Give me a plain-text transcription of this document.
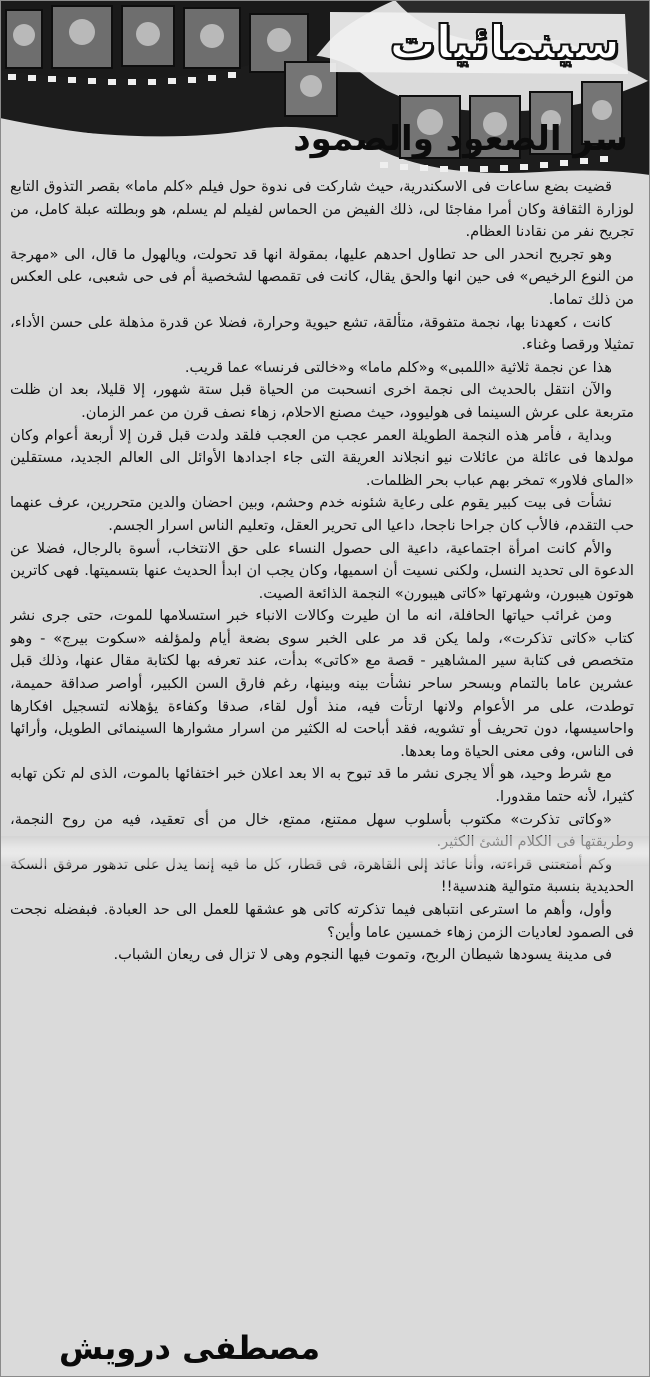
سينمائيات
سر الصعود والصمود

قضيت بضع ساعات فى الاسكندرية، حيث شاركت فى ندوة حول فيلم «كلم ماما» بقصر التذوق التابع لوزارة الثقافة وكان أمرا مفاجئا لى، ذلك الفيض من الحماس لفيلم لم يسلم، هو وبطلته عبلة كامل، من تجريح نفر من نقادنا العظام.

وهو تجريح انحدر الى حد تطاول احدهم عليها، بمقولة انها قد تحولت، ويالهول ما قال، الى «مهرجة من النوع الرخيص» فى حين انها والحق يقال، كانت فى تقمصها لشخصية أم فى حى شعبى، على العكس من ذلك تماما.

كانت ، كعهدنا بها، نجمة متفوقة، متألقة، تشع حيوية وحرارة، فضلا عن قدرة مذهلة على حسن الأداء، تمثيلا ورقصا وغناء.

هذا عن نجمة ثلاثية «اللمبى» و«كلم ماما» و«خالتى فرنسا» عما قريب.

والآن انتقل بالحديث الى نجمة اخرى انسحبت من الحياة قبل ستة شهور، إلا قليلا، بعد ان ظلت متربعة على عرش السينما فى هوليوود، حيث مصنع الاحلام، زهاء نصف قرن من عمر الزمان.

وبداية ، فأمر هذه النجمة الطويلة العمر عجب من العجب فلقد ولدت قبل قرن إلا أربعة أعوام وكان مولدها فى عائلة من عائلات نيو انجلاند العريقة التى جاء اجدادها الأوائل الى العالم الجديد، مستقلين «الماى فلاور» تمخر بهم عباب بحر الظلمات.

نشأت فى بيت كبير يقوم على رعاية شئونه خدم وحشم، وبين احضان والدين متحررين، عرف عنهما حب التقدم، فالأب كان جراحا ناجحا، داعيا الى تحرير العقل، وتعليم الناس اسرار الجسم.

والأم كانت امرأة اجتماعية، داعية الى حصول النساء على حق الانتخاب، أسوة بالرجال، فضلا عن الدعوة الى تحديد النسل، ولكنى نسيت أن اسميها، وكان يجب ان ابدأ الحديث عنها بتسميتها. فهى كاترين هوتون هيبورن، وشهرتها «كاتى هيبورن» النجمة الذائعة الصيت.

ومن غرائب حياتها الحافلة، انه ما ان طيرت وكالات الانباء خبر استسلامها للموت، حتى جرى نشر كتاب «كاتى تذكرت»، ولما يكن قد مر على الخبر سوى بضعة أيام ولمؤلفه «سكوت بيرج» - وهو متخصص فى كتابة سير المشاهير - قصة مع «كاتى» بدأت، عند تعرفه بها لكتابة مقال عنها، وذلك قبل عشرين عاما بالتمام وبسحر ساحر نشأت بينه وبينها، رغم فارق السن الكبير، أواصر صداقة حميمة، توطدت، على مر الأعوام ولانها ارتأت فيه، منذ أول لقاء، صدقا وكفاءة يؤهلانه لتسجيل افكارها واحاسيسها، دون تحريف أو تشويه، فقد أباحت له الكثير من اسرار مشوارها السينمائى الطويل، وأرائها فى الناس، وفى معنى الحياة وما بعدها.

مع شرط وحيد، هو ألا يجرى نشر ما قد تبوح به الا بعد اعلان خبر اختفائها بالموت، الذى لم تكن تهابه كثيرا، لأنه حتما مقدورا.

«وكاتى تذكرت» مكتوب بأسلوب سهل ممتنع، ممتع، خال من أى تعقيد، فيه من روح النجمة،

الحديدية بنسبة متوالية هندسية!!

وأول، وأهم ما استرعى انتباهى فيما تذكرته كاتى هو عشقها للعمل الى حد العبادة. فبفضله نجحت فى الصمود لعاديات الزمن زهاء خمسين عاما وأين؟

فى مدينة يسودها شيطان الربح، وتموت فيها النجوم وهى لا تزال فى ريعان الشباب.

مصطفى درويش
